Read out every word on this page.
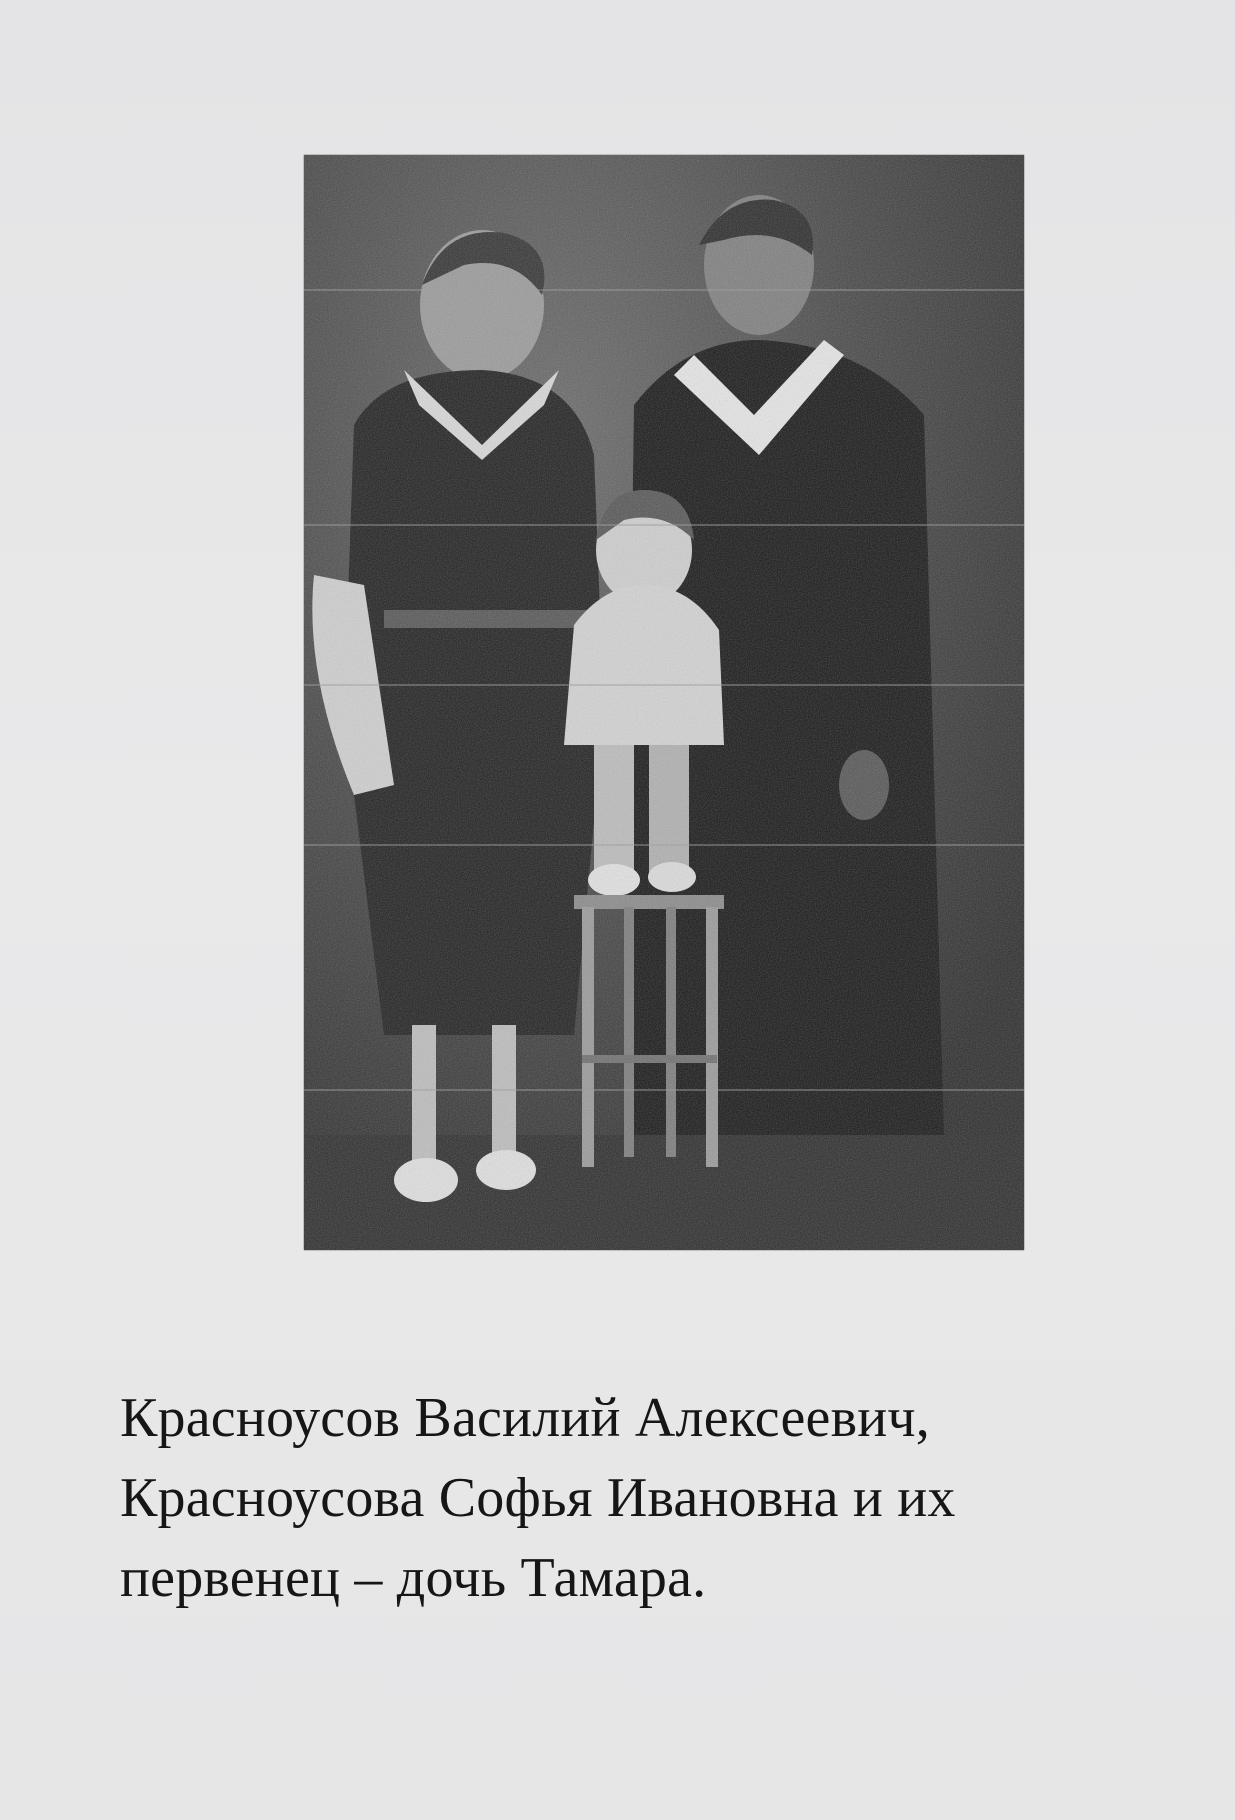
Красноусов Василий Алексеевич,
Красноусова Софья Ивановна и их
первенец – дочь Тамара.
